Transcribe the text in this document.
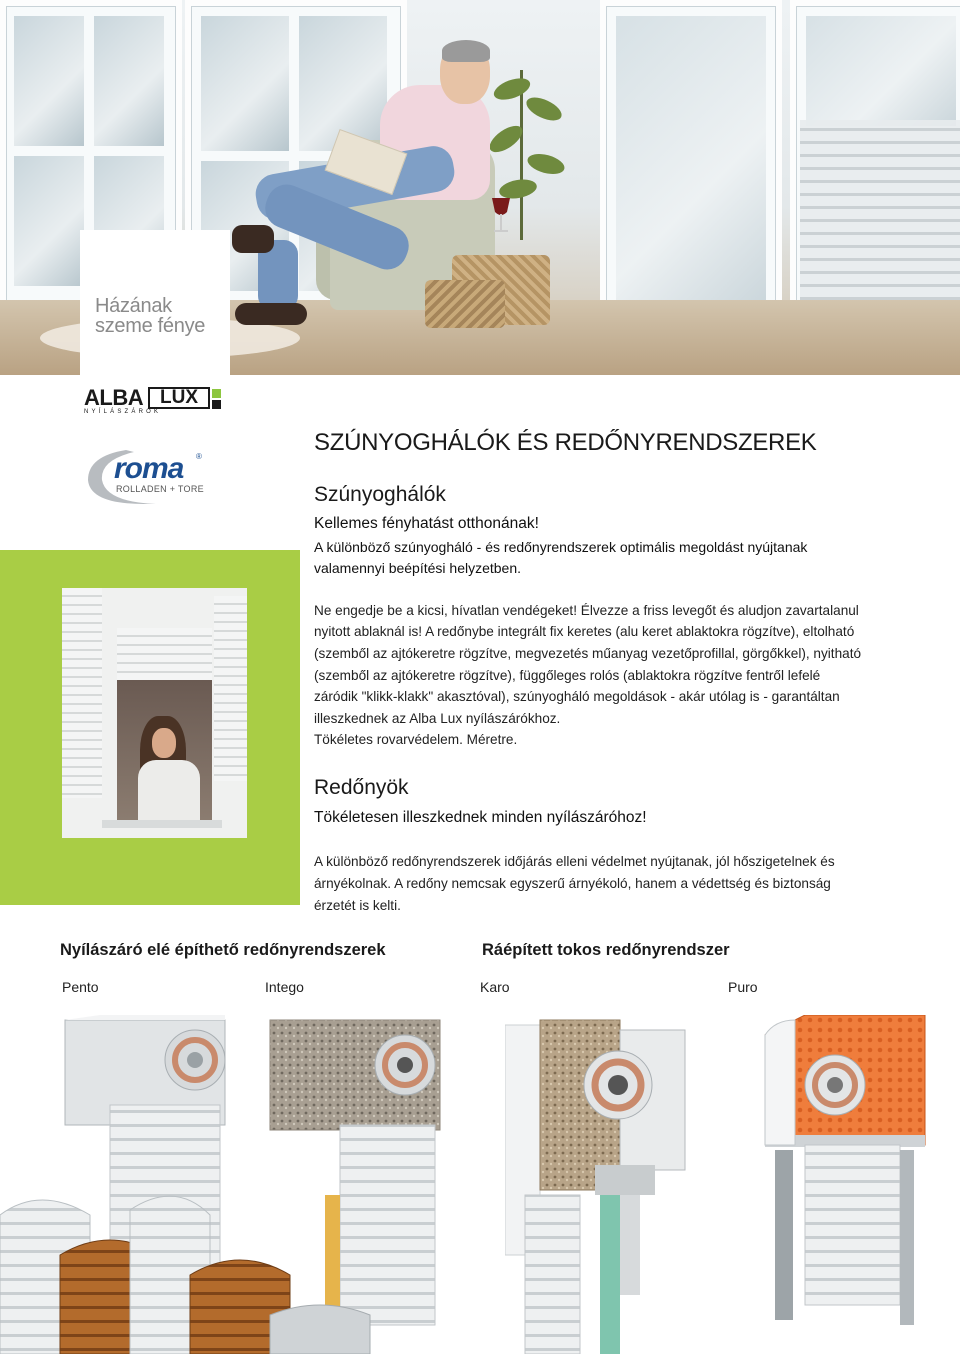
Házának
szeme fénye
ALBA LUX
NYÍLÁSZÁRÓK
roma ®
ROLLADEN + TORE
SZÚNYOGHÁLÓK ÉS REDŐNYRENDSZEREK
Szúnyoghálók
Kellemes fényhatást otthonának!
A különböző szúnyogháló - és redőnyrendszerek optimális megoldást nyújtanak
valamennyi beépítési helyzetben.
Ne engedje be a kicsi, hívatlan vendégeket! Élvezze a friss levegőt és aludjon zavartalanul
nyitott ablaknál is! A redőnybe integrált fix keretes (alu keret ablaktokra rögzítve), eltolható
(szemből az ajtókeretre rögzítve, megvezetés műanyag vezetőprofillal, görgőkkel), nyitható
(szemből az ajtókeretre rögzítve), függőleges rolós (ablaktokra rögzítve fentről lefelé
záródik "klikk-klakk" akasztóval), szúnyogháló megoldások - akár utólag is - garantáltan
illeszkednek az Alba Lux nyílászárókhoz.
Tökéletes rovarvédelem. Méretre.
Redőnyök
Tökéletesen illeszkednek minden nyílászáróhoz!
A különböző redőnyrendszerek időjárás elleni védelmet nyújtanak, jól hőszigetelnek és
árnyékolnak. A redőny nemcsak egyszerű árnyékoló, hanem a védettség és biztonság
érzetét is kelti.
Nyílászáró elé építhető redőnyrendszerek	Ráépített tokos redőnyrendszer
Pento	Intego	Karo	Puro
